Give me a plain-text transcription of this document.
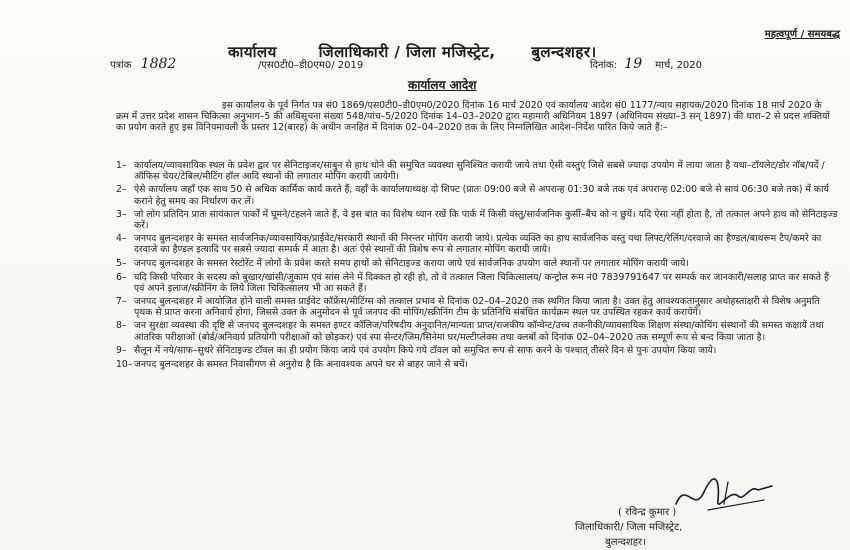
महत्वपूर्ण / समयबद्ध
कार्यालय	जिलाधिकारी / जिला मजिस्ट्रेट, बुलन्दशहर।
पत्रांक 1882	/एस0टी0–डी0एम0/ 2019	दिनांक: 19 मार्च, 2020
कार्यालय आदेश
इस कार्यालय के पूर्व निर्गत पत्र सं0 1869/एस0टी0–डी0एम0/2020 दिनांक 16 मार्च 2020 एवं कार्यालय आदेश सं0 1177/न्याय सहायक/2020 दिनांक 18 मार्च 2020 के क्रम में उत्तर प्रदेश शासन चिकित्सा अनुभाग–5 की अधिसूचना संख्या 548/पांच–5/2020 दिनांक 14–03–2020 द्वारा महामारी अधिनियम 1897 (अधिनियम संख्या–3 सन् 1897) की धारा–2 से प्रदत्त शक्तियों का प्रयोग करते हुए इस विनियमावली के प्रस्तर 12(बारह) के अधीन जनहित में दिनांक 02–04–2020 तक के लिए निम्नलिखित आदेश–निर्देश पारित किये जाते हैं:–
1– कार्यालय/व्यावसायिक स्थल के प्रवेश द्वार पर सेनिटाइजर/साबुन से हाथ धोने की समुचित व्यवस्था सुनिश्चित करायी जाये तथा ऐसी वस्तुएं जिसे सबसे ज्यादा उपयोग में लाया जाता है यथा–टॉयलेट/डोर नॉब/पर्दे / ऑफिस चेयर/टेबिल/मीटिंग हॉल आदि स्थानों की लगातार मोपिंग करायी जायेगी।
2– ऐसे कार्यालय जहाँ एक साथ 50 से अधिक कार्मिक कार्य करते हैं, वहाँ के कार्यालयाध्यक्ष दो शिफ्ट (प्रातः 09:00 बजे से अपरान्ह 01:30 बजे तक एवं अपरान्ह 02:00 बजे से सायं 06:30 बजे तक) में कार्य कराने हेतु समय का निर्धारण कर लें।
3– जो लोग प्रतिदिन प्रातः सायंकाल पार्कों में घूमने/टहलने जाते हैं, वे इस बात का विशेष ध्यान रखें कि पार्क में किसी वस्तु/सार्वजनिक कुर्सी–बैंच को न छुयें। यदि ऐसा नहीं होता है, तो तत्काल अपने हाथ को सेनिटाइज्ड करें।
4– जनपद बुलन्दशहर के समस्त सार्वजनिक/व्यावसायिक/प्राईवेट/सरकारी स्थानों की निरन्तर मोपिंग करायी जाये। प्रत्येक व्यक्ति का हाथ सार्वजनिक वस्तु यथा लिफ्ट/रेलिंग/दरवाजे का हैण्डल/बाथरूम टैप/कमरे का दरवाजे का हैण्डल इत्यादि पर सबसे ज्यादा सम्पर्क में आता है। अतः ऐसे स्थानों की विशेष रूप से लगातार मोपिंग करायी जाये।
5– जनपद बुलन्दशहर के समस्त रेस्टोरेंट में लोगों के प्रवेश करते समय हाथों को सेनिटाइज्ड कराया जाये एवं सार्वजनिक उपयोग वाले स्थानों पर लगातार मोपिंग करायी जाये।
6– यदि किसी परिवार के सदस्य को बुखार/खांसी/जुकाम एवं सांस लेने में दिक्कत हो रही हो, तो वे तत्काल जिला चिकित्सालय/ कन्ट्रोल रूम नं0 7839791647 पर सम्पर्क कर जानकारी/सलाह प्राप्त कर सकते हैं एवं अपने इलाज/स्क्रीनिंग के लिये जिला चिकित्सालय भी आ सकते हैं।
7– जनपद बुलन्दशहर में आयोजित होने वाली समस्त प्राईवेट कॉफ्रेंस/मीटिंग्स को तत्काल प्रभाव से दिनांक 02–04–2020 तक स्थगित किया जाता है। उक्त हेतु आवश्यकतानुसार अधोहस्ताक्षरी से विशेष अनुमति पृथक से प्राप्त करना अनिवार्य होगा, जिससे उक्त के अनुमोदन से पूर्व जनपद की मोपिंग/स्क्रीनिंग टीम के प्रतिनिधि संबंधित कार्यक्रम स्थल पर उपस्थित रहकर कार्य करायेंगें।
8– जन सुरक्षा व्यवस्था की दृष्टि से जनपद बुलन्दशहर के समस्त इण्टर कॉलिज/परिषदीय अनुदानित/मान्यता प्राप्त/राजकीय कॉन्वेन्ट/उच्च तकनीकी/व्यावसायिक शिक्षण संस्था/कोचिंग संस्थानों की समस्त कक्षायें तथा आंतरिक परीक्षाओं (बोर्ड/अनिवार्य प्रतियोगी परीक्षाओं को छोड़कर) एवं स्पा सेन्टर/जिम/सिनेमा घर/मल्टीप्लेक्स तथा क्लबों को दिनांक 02–04–2020 तक सम्पूर्ण रूप से बन्द किया जाता है।
9– सैलून में नये/साफ–सुथरे सेनिटाइज्ड टॉवल का ही प्रयोग किया जाये एवं उपयोग किये गये टॉवल को समुचित रूप से साफ करने के पश्चात् तीसरे दिन से पुनः उपयोग किया जाये।
10– जनपद बुलन्दशहर के समस्त निवासीगण से अनुरोध है कि अनावश्यक अपने घर से बाहर जाने से बचें।
( रविन्द्र कुमार )
जिलाधिकारी/ जिला मजिस्ट्रेट,
बुलन्दशहर।
